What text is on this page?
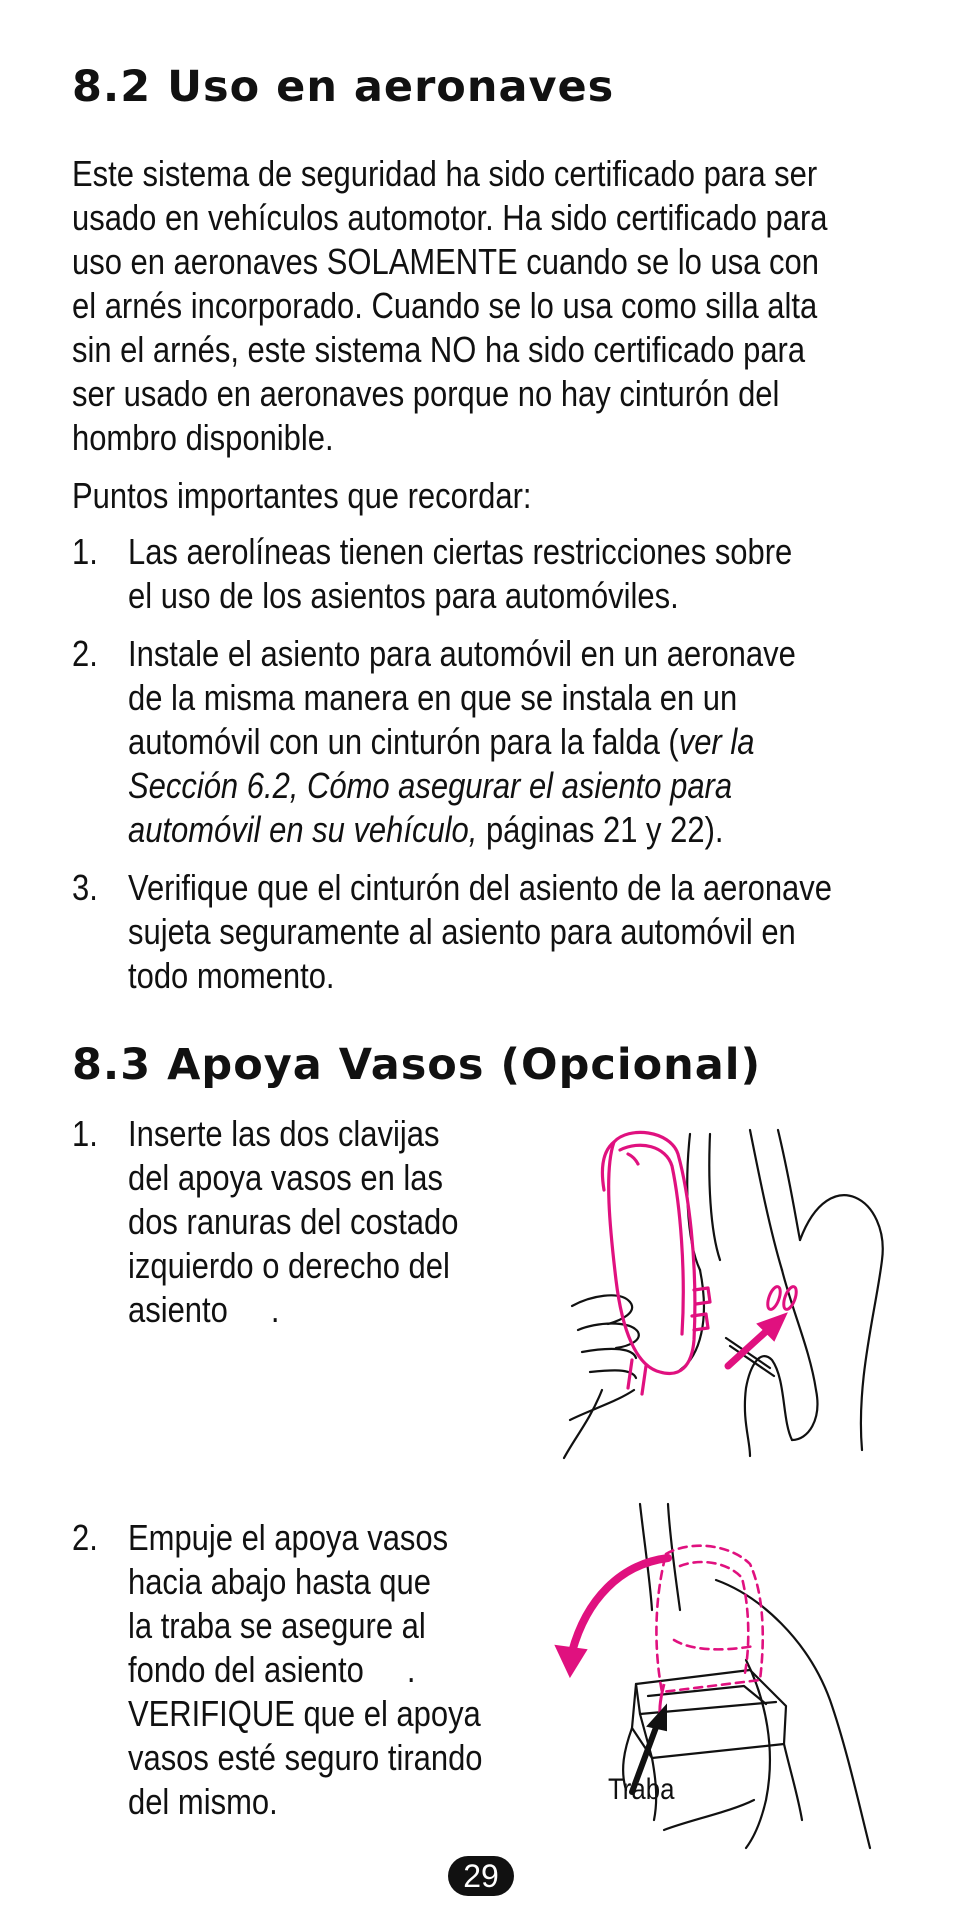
8.2 Uso en aeronaves
Este sistema de seguridad ha sido certificado para ser
usado en vehículos automotor. Ha sido certificado para
uso en aeronaves SOLAMENTE cuando se lo usa con
el arnés incorporado. Cuando se lo usa como silla alta
sin el arnés, este sistema NO ha sido certificado para
ser usado en aeronaves porque no hay cinturón del
hombro disponible.
Puntos importantes que recordar:
1. Las aerolíneas tienen ciertas restricciones sobre
el uso de los asientos para automóviles.
2. Instale el asiento para automóvil en un aeronave
de la misma manera en que se instala en un
automóvil con un cinturón para la falda (ver la
Sección 6.2, Cómo asegurar el asiento para
automóvil en su vehículo, páginas 21 y 22).
3. Verifique que el cinturón del asiento de la aeronave
sujeta seguramente al asiento para automóvil en
todo momento.
8.3 Apoya Vasos (Opcional)
1. Inserte las dos clavijas
del apoya vasos en las
dos ranuras del costado
izquierdo o derecho del
asiento     .
2. Empuje el apoya vasos
hacia abajo hasta que
la traba se asegure al
fondo del asiento     .
VERIFIQUE que el apoya
vasos esté seguro tirando
del mismo.	Traba
29
